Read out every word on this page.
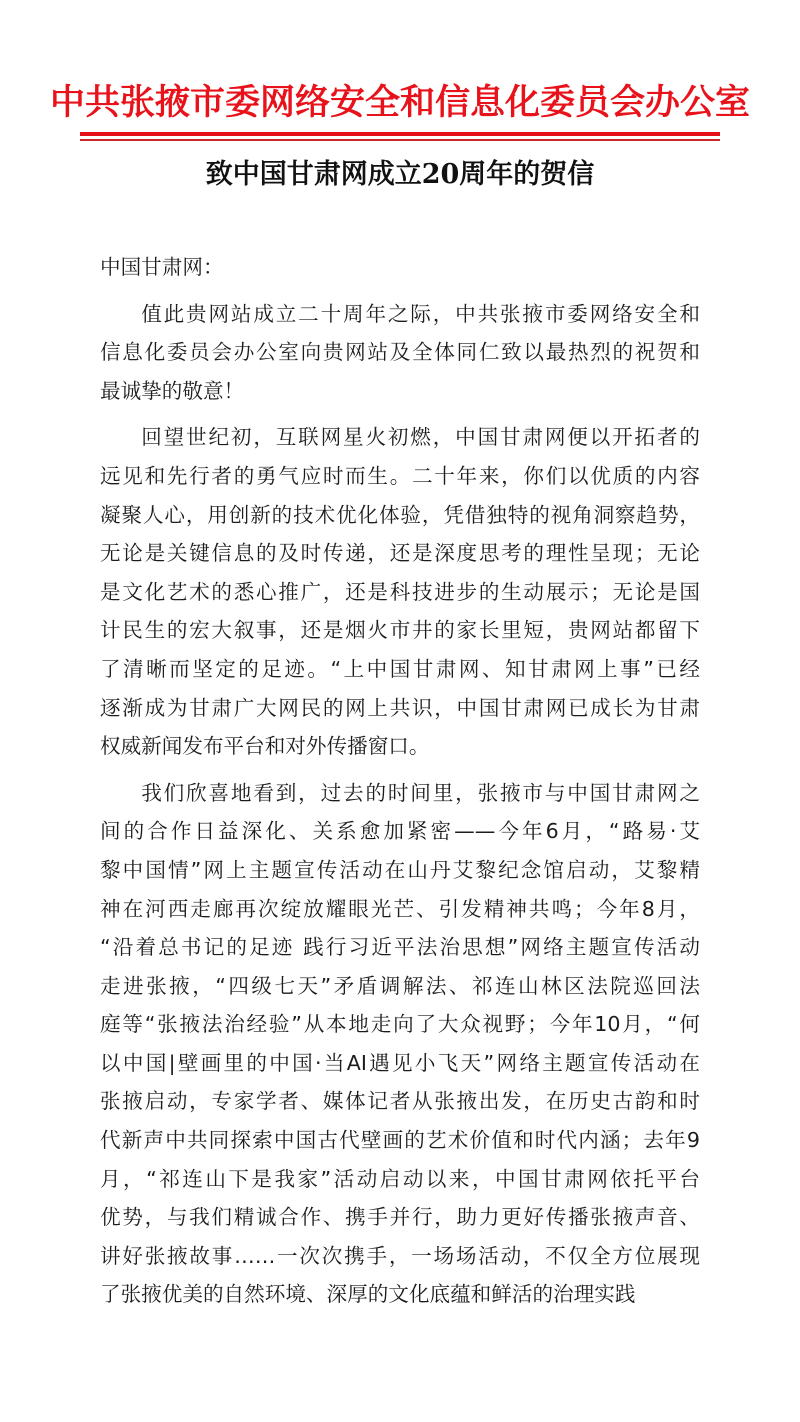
中共张掖市委网络安全和信息化委员会办公室
致中国甘肃网成立20周年的贺信
中国甘肃网：
值此贵网站成立二十周年之际，中共张掖市委网络安全和
信息化委员会办公室向贵网站及全体同仁致以最热烈的祝贺和
最诚挚的敬意！
回望世纪初，互联网星火初燃，中国甘肃网便以开拓者的
远见和先行者的勇气应时而生。二十年来，你们以优质的内容
凝聚人心，用创新的技术优化体验，凭借独特的视角洞察趋势，
无论是关键信息的及时传递，还是深度思考的理性呈现；无论
是文化艺术的悉心推广，还是科技进步的生动展示；无论是国
计民生的宏大叙事，还是烟火市井的家长里短，贵网站都留下
了清晰而坚定的足迹。“上中国甘肃网、知甘肃网上事”已经
逐渐成为甘肃广大网民的网上共识，中国甘肃网已成长为甘肃
权威新闻发布平台和对外传播窗口。
我们欣喜地看到，过去的时间里，张掖市与中国甘肃网之
间的合作日益深化、关系愈加紧密——今年6月，“路易·艾
黎中国情”网上主题宣传活动在山丹艾黎纪念馆启动，艾黎精
神在河西走廊再次绽放耀眼光芒、引发精神共鸣；今年8月，
“沿着总书记的足迹 践行习近平法治思想”网络主题宣传活动
走进张掖，“四级七天”矛盾调解法、祁连山林区法院巡回法
庭等“张掖法治经验”从本地走向了大众视野；今年10月，“何
以中国|壁画里的中国·当AI遇见小飞天”网络主题宣传活动在
张掖启动，专家学者、媒体记者从张掖出发，在历史古韵和时
代新声中共同探索中国古代壁画的艺术价值和时代内涵；去年9
月，“祁连山下是我家”活动启动以来，中国甘肃网依托平台
优势，与我们精诚合作、携手并行，助力更好传播张掖声音、
讲好张掖故事……一次次携手，一场场活动，不仅全方位展现
了张掖优美的自然环境、深厚的文化底蕴和鲜活的治理实践
